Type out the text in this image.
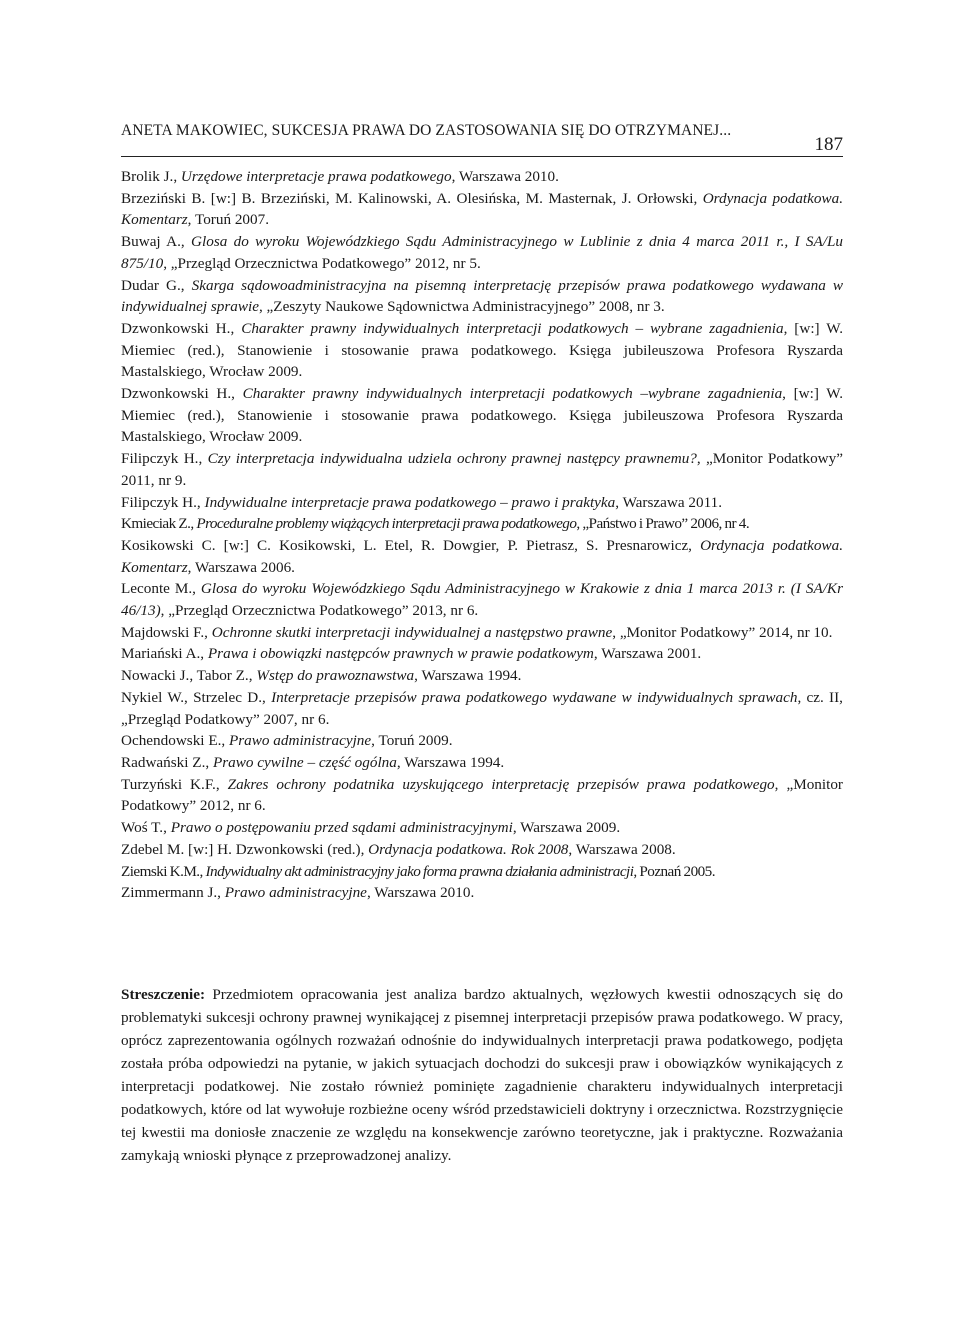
ANETA MAKOWIEC, SUKCESJA PRAWA DO ZASTOSOWANIA SIĘ DO OTRZYMANEJ...
187
Brolik J., Urzędowe interpretacje prawa podatkowego, Warszawa 2010.
Brzeziński B. [w:] B. Brzeziński, M. Kalinowski, A. Olesińska, M. Masternak, J. Orłowski, Ordynacja podatkowa. Komentarz, Toruń 2007.
Buwaj A., Glosa do wyroku Wojewódzkiego Sądu Administracyjnego w Lublinie z dnia 4 marca 2011 r., I SA/Lu 875/10, „Przegląd Orzecznictwa Podatkowego” 2012, nr 5.
Dudar G., Skarga sądowoadministracyjna na pisemną interpretację przepisów prawa podatkowego wydawana w indywidualnej sprawie, „Zeszyty Naukowe Sądownictwa Administracyjnego” 2008, nr 3.
Dzwonkowski H., Charakter prawny indywidualnych interpretacji podatkowych – wybrane zagadnienia, [w:] W. Miemiec (red.), Stanowienie i stosowanie prawa podatkowego. Księga jubileuszowa Profesora Ryszarda Mastalskiego, Wrocław 2009.
Dzwonkowski H., Charakter prawny indywidualnych interpretacji podatkowych –wybrane zagadnienia, [w:] W. Miemiec (red.), Stanowienie i stosowanie prawa podatkowego. Księga jubileuszowa Profesora Ryszarda Mastalskiego, Wrocław 2009.
Filipczyk H., Czy interpretacja indywidualna udziela ochrony prawnej następcy prawnemu?, „Monitor Podatkowy” 2011, nr 9.
Filipczyk H., Indywidualne interpretacje prawa podatkowego – prawo i praktyka, Warszawa 2011.
Kmieciak Z., Proceduralne problemy wiążących interpretacji prawa podatkowego, „Państwo i Prawo” 2006, nr 4.
Kosikowski C. [w:] C. Kosikowski, L. Etel, R. Dowgier, P. Pietrasz, S. Presnarowicz, Ordynacja podatkowa. Komentarz, Warszawa 2006.
Leconte M., Glosa do wyroku Wojewódzkiego Sądu Administracyjnego w Krakowie z dnia 1 marca 2013 r. (I SA/Kr 46/13), „Przegląd Orzecznictwa Podatkowego” 2013, nr 6.
Majdowski F., Ochronne skutki interpretacji indywidualnej a następstwo prawne, „Monitor Podatkowy” 2014, nr 10.
Mariański A., Prawa i obowiązki następców prawnych w prawie podatkowym, Warszawa 2001.
Nowacki J., Tabor Z., Wstęp do prawoznawstwa, Warszawa 1994.
Nykiel W., Strzelec D., Interpretacje przepisów prawa podatkowego wydawane w indywidualnych sprawach, cz. II, „Przegląd Podatkowy” 2007, nr 6.
Ochendowski E., Prawo administracyjne, Toruń 2009.
Radwański Z., Prawo cywilne – część ogólna, Warszawa 1994.
Turzyński K.F., Zakres ochrony podatnika uzyskującego interpretację przepisów prawa podatkowego, „Monitor Podatkowy” 2012, nr 6.
Woś T., Prawo o postępowaniu przed sądami administracyjnymi, Warszawa 2009.
Zdebel M. [w:] H. Dzwonkowski (red.), Ordynacja podatkowa. Rok 2008, Warszawa 2008.
Ziemski K.M., Indywidualny akt administracyjny jako forma prawna działania administracji, Poznań 2005.
Zimmermann J., Prawo administracyjne, Warszawa 2010.
Streszczenie: Przedmiotem opracowania jest analiza bardzo aktualnych, węzłowych kwestii odnoszących się do problematyki sukcesji ochrony prawnej wynikającej z pisemnej interpretacji przepisów prawa podatkowego. W pracy, oprócz zaprezentowania ogólnych rozważań odnośnie do indywidualnych interpretacji prawa podatkowego, podjęta została próba odpowiedzi na pytanie, w jakich sytuacjach dochodzi do sukcesji praw i obowiązków wynikających z interpretacji podatkowej. Nie zostało również pominięte zagadnienie charakteru indywidualnych interpretacji podatkowych, które od lat wywołuje rozbieżne oceny wśród przedstawicieli doktryny i orzecznictwa. Rozstrzygnięcie tej kwestii ma doniosłe znaczenie ze względu na konsekwencje zarówno teoretyczne, jak i praktyczne. Rozważania zamykają wnioski płynące z przeprowadzonej analizy.
